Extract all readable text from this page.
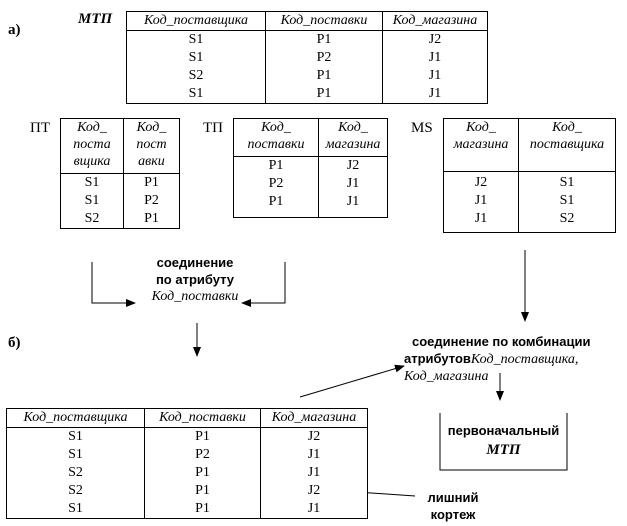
а)
МТП Код_поставщика	Код_поставки	Код_магазина
S1	P1	J2
S1	P2	J1
S2	P1	J1
S1	P1	J1
ПТ Код_
поста
вщика	Код_
пост
авки
S1	P1
S1	P2
S2	P1
ТП	Код_
поставки	Код_
магазина
P1	J2
P2	J1
P1	J1
MS Код_
магазина	Код_
поставщика
J2	S1
J1	S1
J1	S2
соединение
по атрибуту
Код_поставки
б)	соединение по комбинации
атрибутовКод_поставщика,
Код_магазина
Код_поставщика	Код_поставки	Код_магазина
S1	P1	J2
S1	P2	J1
S2	P1	J1
S2	P1	J2
S1	P1	J1
первоначальный
МТП
лишний
кортеж
